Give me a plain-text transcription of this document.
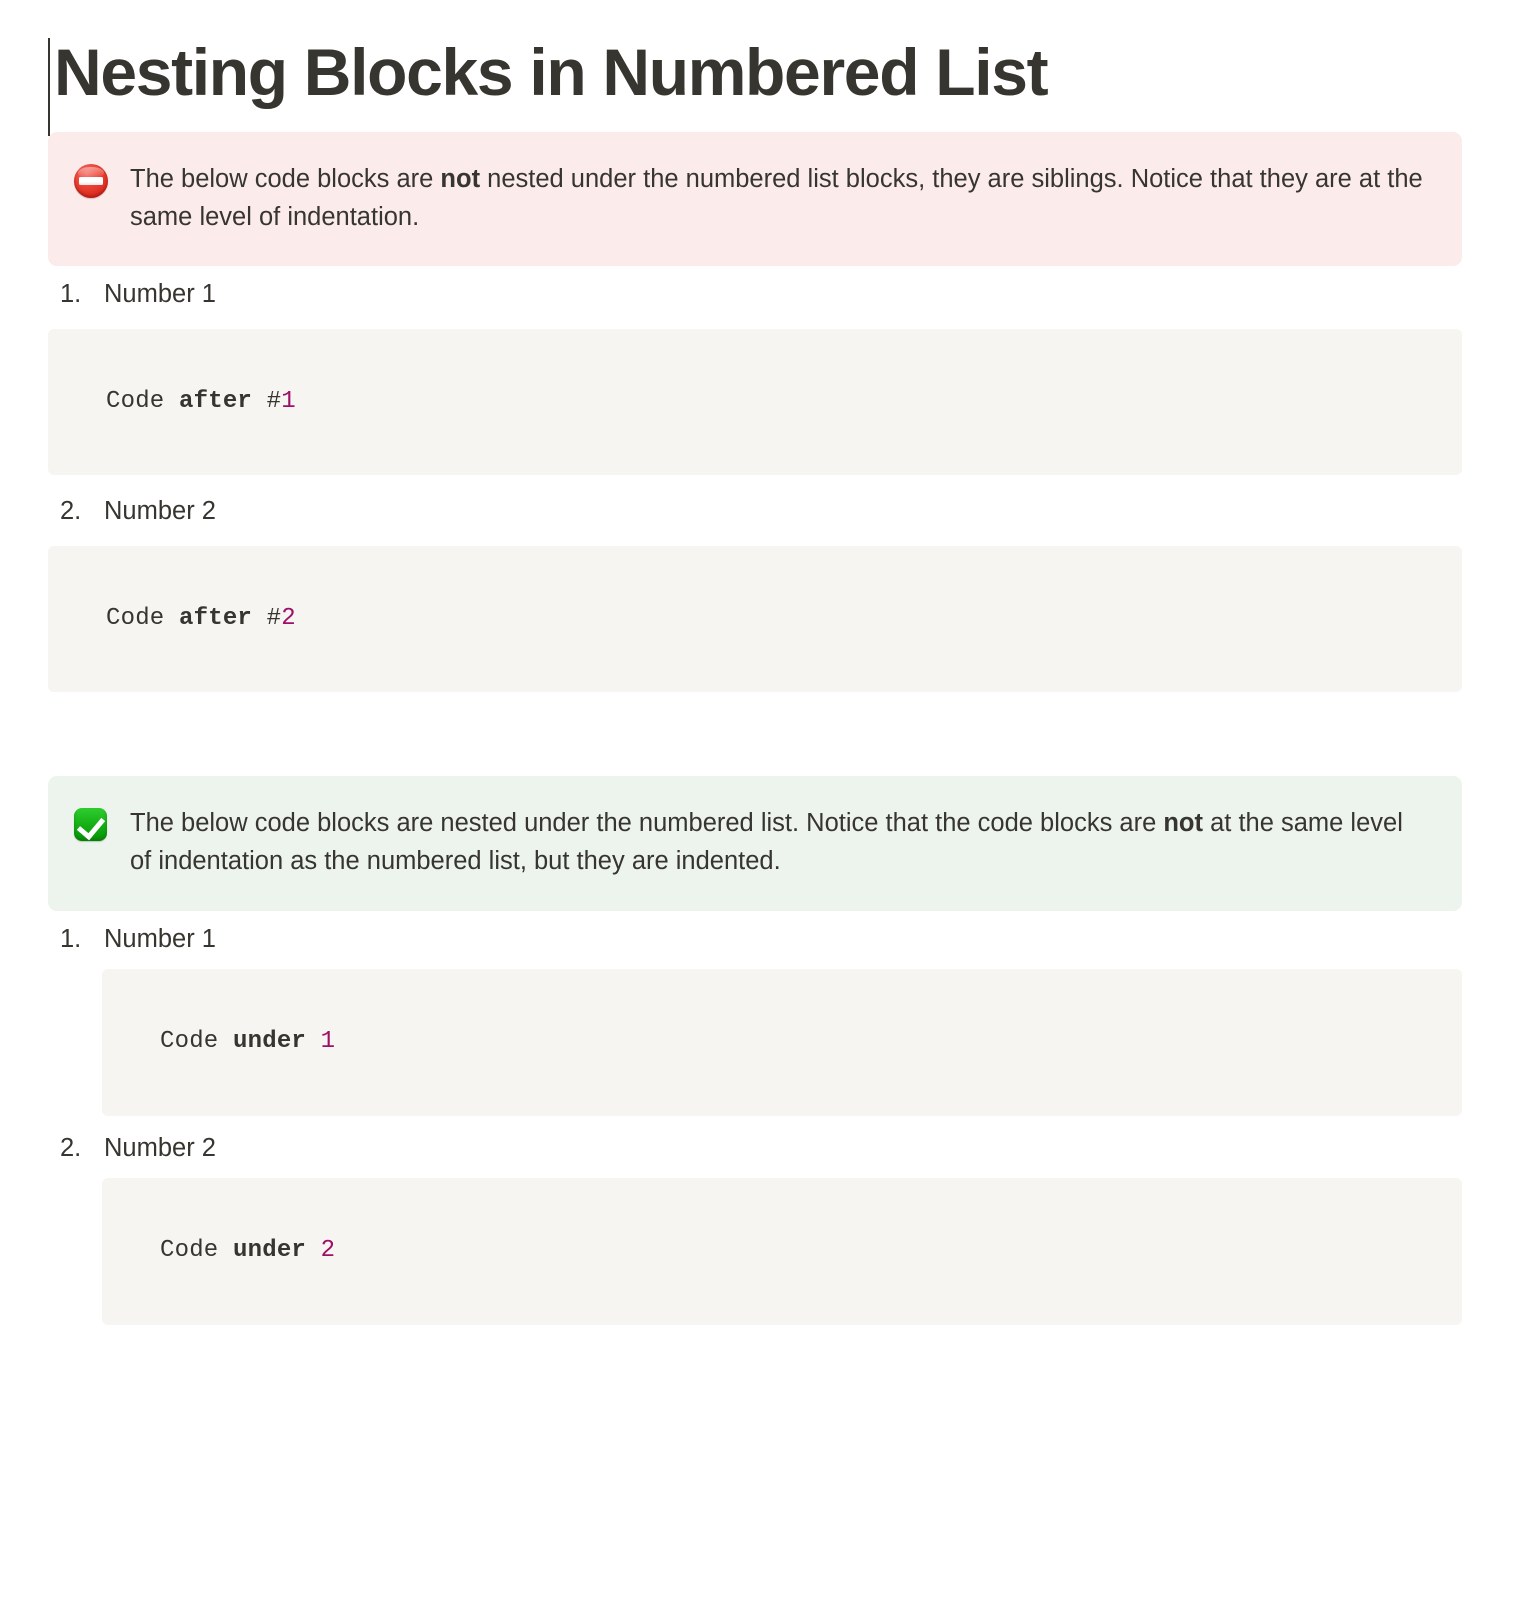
Nesting Blocks in Numbered List
The below code blocks are not nested under the numbered list blocks, they are siblings. Notice that they are at the same level of indentation.
1. Number 1
Code after #1
2. Number 2
Code after #2
The below code blocks are nested under the numbered list. Notice that the code blocks are not at the same level of indentation as the numbered list, but they are indented.
1. Number 1
Code under 1
2. Number 2
Code under 2
